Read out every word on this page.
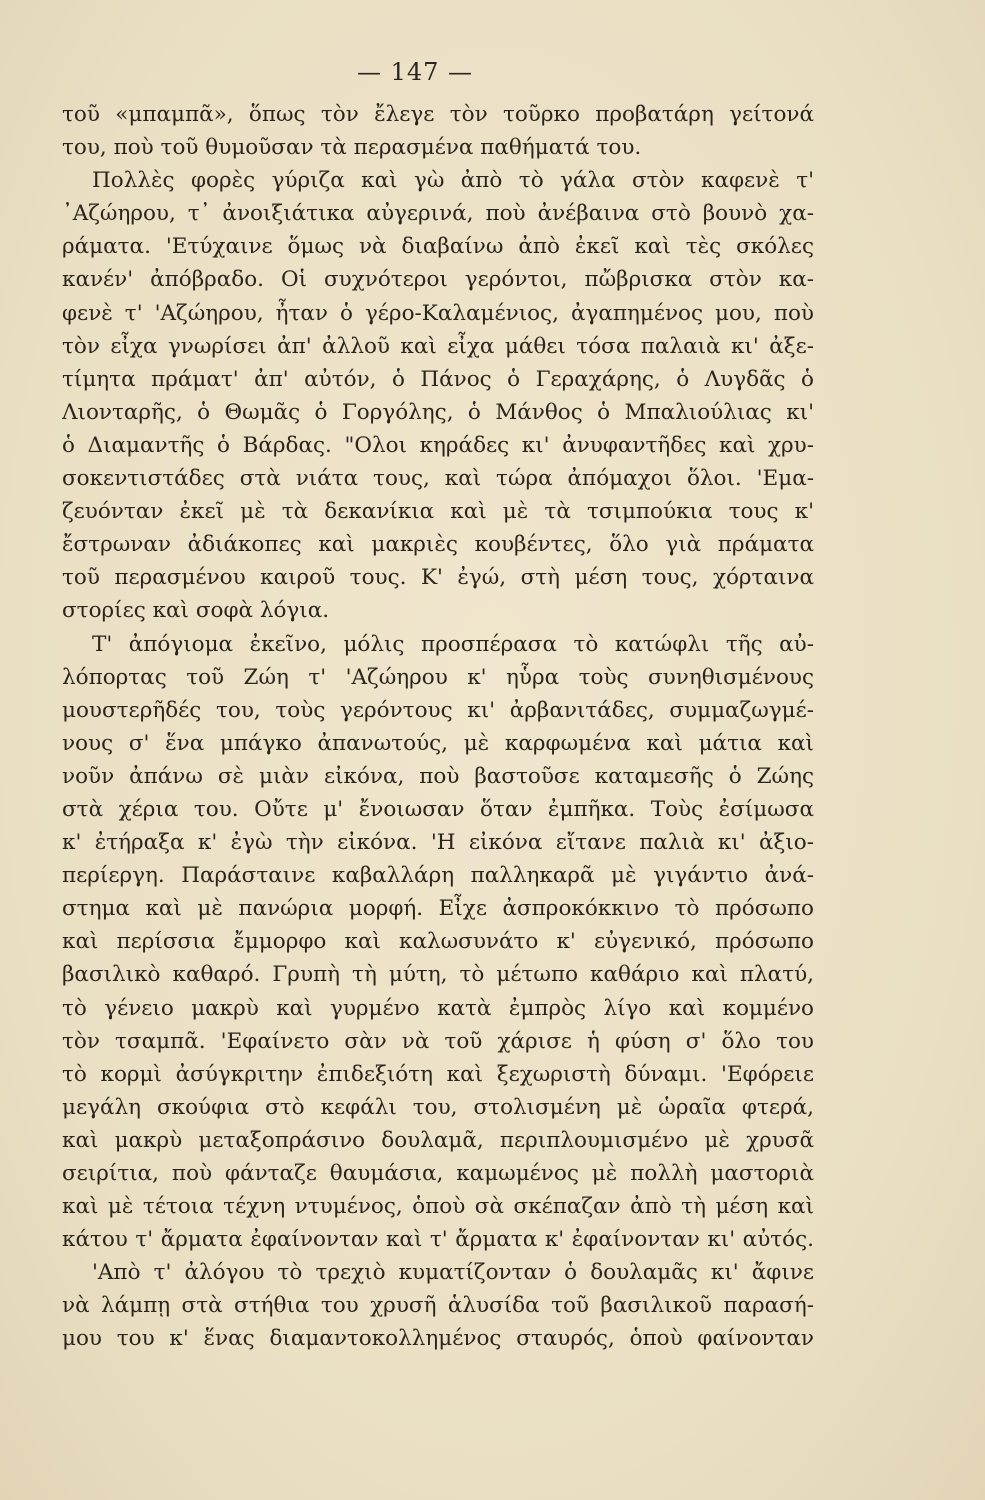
— 147 —
τοῦ «μπαμπᾶ», ὅπως τὸν ἔλεγε τὸν τοῦρκο προβατάρη γείτονά
του, ποὺ τοῦ θυμοῦσαν τὰ περασμένα παθήματά του.
Πολλὲς φορὲς γύριζα καὶ γὼ ἀπὸ τὸ γάλα στὸν καφενὲ τ'
᾿Αζώηρου, τ᾿ ἀνοιξιάτικα αὐγερινά, ποὺ ἀνέβαινα στὸ βουνὸ χα-
ράματα. 'Ετύχαινε ὅμως νὰ διαβαίνω ἀπὸ ἐκεῖ καὶ τὲς σκόλες
κανέν' ἀπόβραδο. Οἱ συχνότεροι γερόντοι, πὤβρισκα στὸν κα-
φενὲ τ' 'Αζώηρου, ἦταν ὁ γέρο-Καλαμένιος, ἀγαπημένος μου, ποὺ
τὸν εἶχα γνωρίσει ἀπ' ἀλλοῦ καὶ εἶχα μάθει τόσα παλαιὰ κι' ἀξε-
τίμητα πράματ' ἀπ' αὐτόν, ὁ Πάνος ὁ Γεραχάρης, ὁ Λυγδᾶς ὁ
Λιονταρῆς, ὁ Θωμᾶς ὁ Γοργόλης, ὁ Μάνθος ὁ Μπαλιούλιας κι'
ὁ Διαμαντῆς ὁ Βάρδας. "Ολοι κηράδες κι' ἀνυφαντῆδες καὶ χρυ-
σοκεντιστάδες στὰ νιάτα τους, καὶ τώρα ἀπόμαχοι ὅλοι. 'Εμα-
ζευόνταν ἐκεῖ μὲ τὰ δεκανίκια καὶ μὲ τὰ τσιμπούκια τους κ'
ἔστρωναν ἀδιάκοπες καὶ μακριὲς κουβέντες, ὅλο γιὰ πράματα
τοῦ περασμένου καιροῦ τους. Κ' ἐγώ, στὴ μέση τους, χόρταινα
στορίες καὶ σοφὰ λόγια.
Τ' ἀπόγιομα ἐκεῖνο, μόλις προσπέρασα τὸ κατώφλι τῆς αὐ-
λόπορτας τοῦ Ζώη τ' 'Αζώηρου κ' ηὗρα τοὺς συνηθισμένους
μουστερῆδές του, τοὺς γερόντους κι' ἀρβανιτάδες, συμμαζωγμέ-
νους σ' ἕνα μπάγκο ἀπανωτούς, μὲ καρφωμένα καὶ μάτια καὶ
νοῦν ἀπάνω σὲ μιὰν εἰκόνα, ποὺ βαστοῦσε καταμεσῆς ὁ Ζώης
στὰ χέρια του. Οὔτε μ' ἔνοιωσαν ὅταν ἐμπῆκα. Τοὺς ἐσίμωσα
κ' ἐτήραξα κ' ἐγὼ τὴν εἰκόνα. 'Η εἰκόνα εἴτανε παλιὰ κι' ἀξιο-
περίεργη. Παράσταινε καβαλλάρη παλληκαρᾶ μὲ γιγάντιο ἀνά-
στημα καὶ μὲ πανώρια μορφή. Εἶχε ἀσπροκόκκινο τὸ πρόσωπο
καὶ περίσσια ἔμμορφο καὶ καλωσυνάτο κ' εὐγενικό, πρόσωπο
βασιλικὸ καθαρό. Γρυπὴ τὴ μύτη, τὸ μέτωπο καθάριο καὶ πλατύ,
τὸ γένειο μακρὺ καὶ γυρμένο κατὰ ἐμπρὸς λίγο καὶ κομμένο
τὸν τσαμπᾶ. 'Εφαίνετο σὰν νὰ τοῦ χάρισε ἡ φύση σ' ὅλο του
τὸ κορμὶ ἀσύγκριτην ἐπιδεξιότη καὶ ξεχωριστὴ δύναμι. 'Εφόρειε
μεγάλη σκούφια στὸ κεφάλι του, στολισμένη μὲ ὡραῖα φτερά,
καὶ μακρὺ μεταξοπράσινο δουλαμᾶ, περιπλουμισμένο μὲ χρυσᾶ
σειρίτια, ποὺ φάνταζε θαυμάσια, καμωμένος μὲ πολλὴ μαστοριὰ
καὶ μὲ τέτοια τέχνη ντυμένος, ὁποὺ σὰ σκέπαζαν ἀπὸ τὴ μέση καὶ
κάτου τ' ἄρματα ἐφαίνονταν καὶ τ' ἄρματα κ' ἐφαίνονταν κι' αὐτός.
'Απὸ τ' ἀλόγου τὸ τρεχιὸ κυματίζονταν ὁ δουλαμᾶς κι' ἄφινε
νὰ λάμπῃ στὰ στήθια του χρυσῆ ἁλυσίδα τοῦ βασιλικοῦ παρασή-
μου του κ' ἕνας διαμαντοκολλημένος σταυρός, ὁποὺ φαίνονταν
